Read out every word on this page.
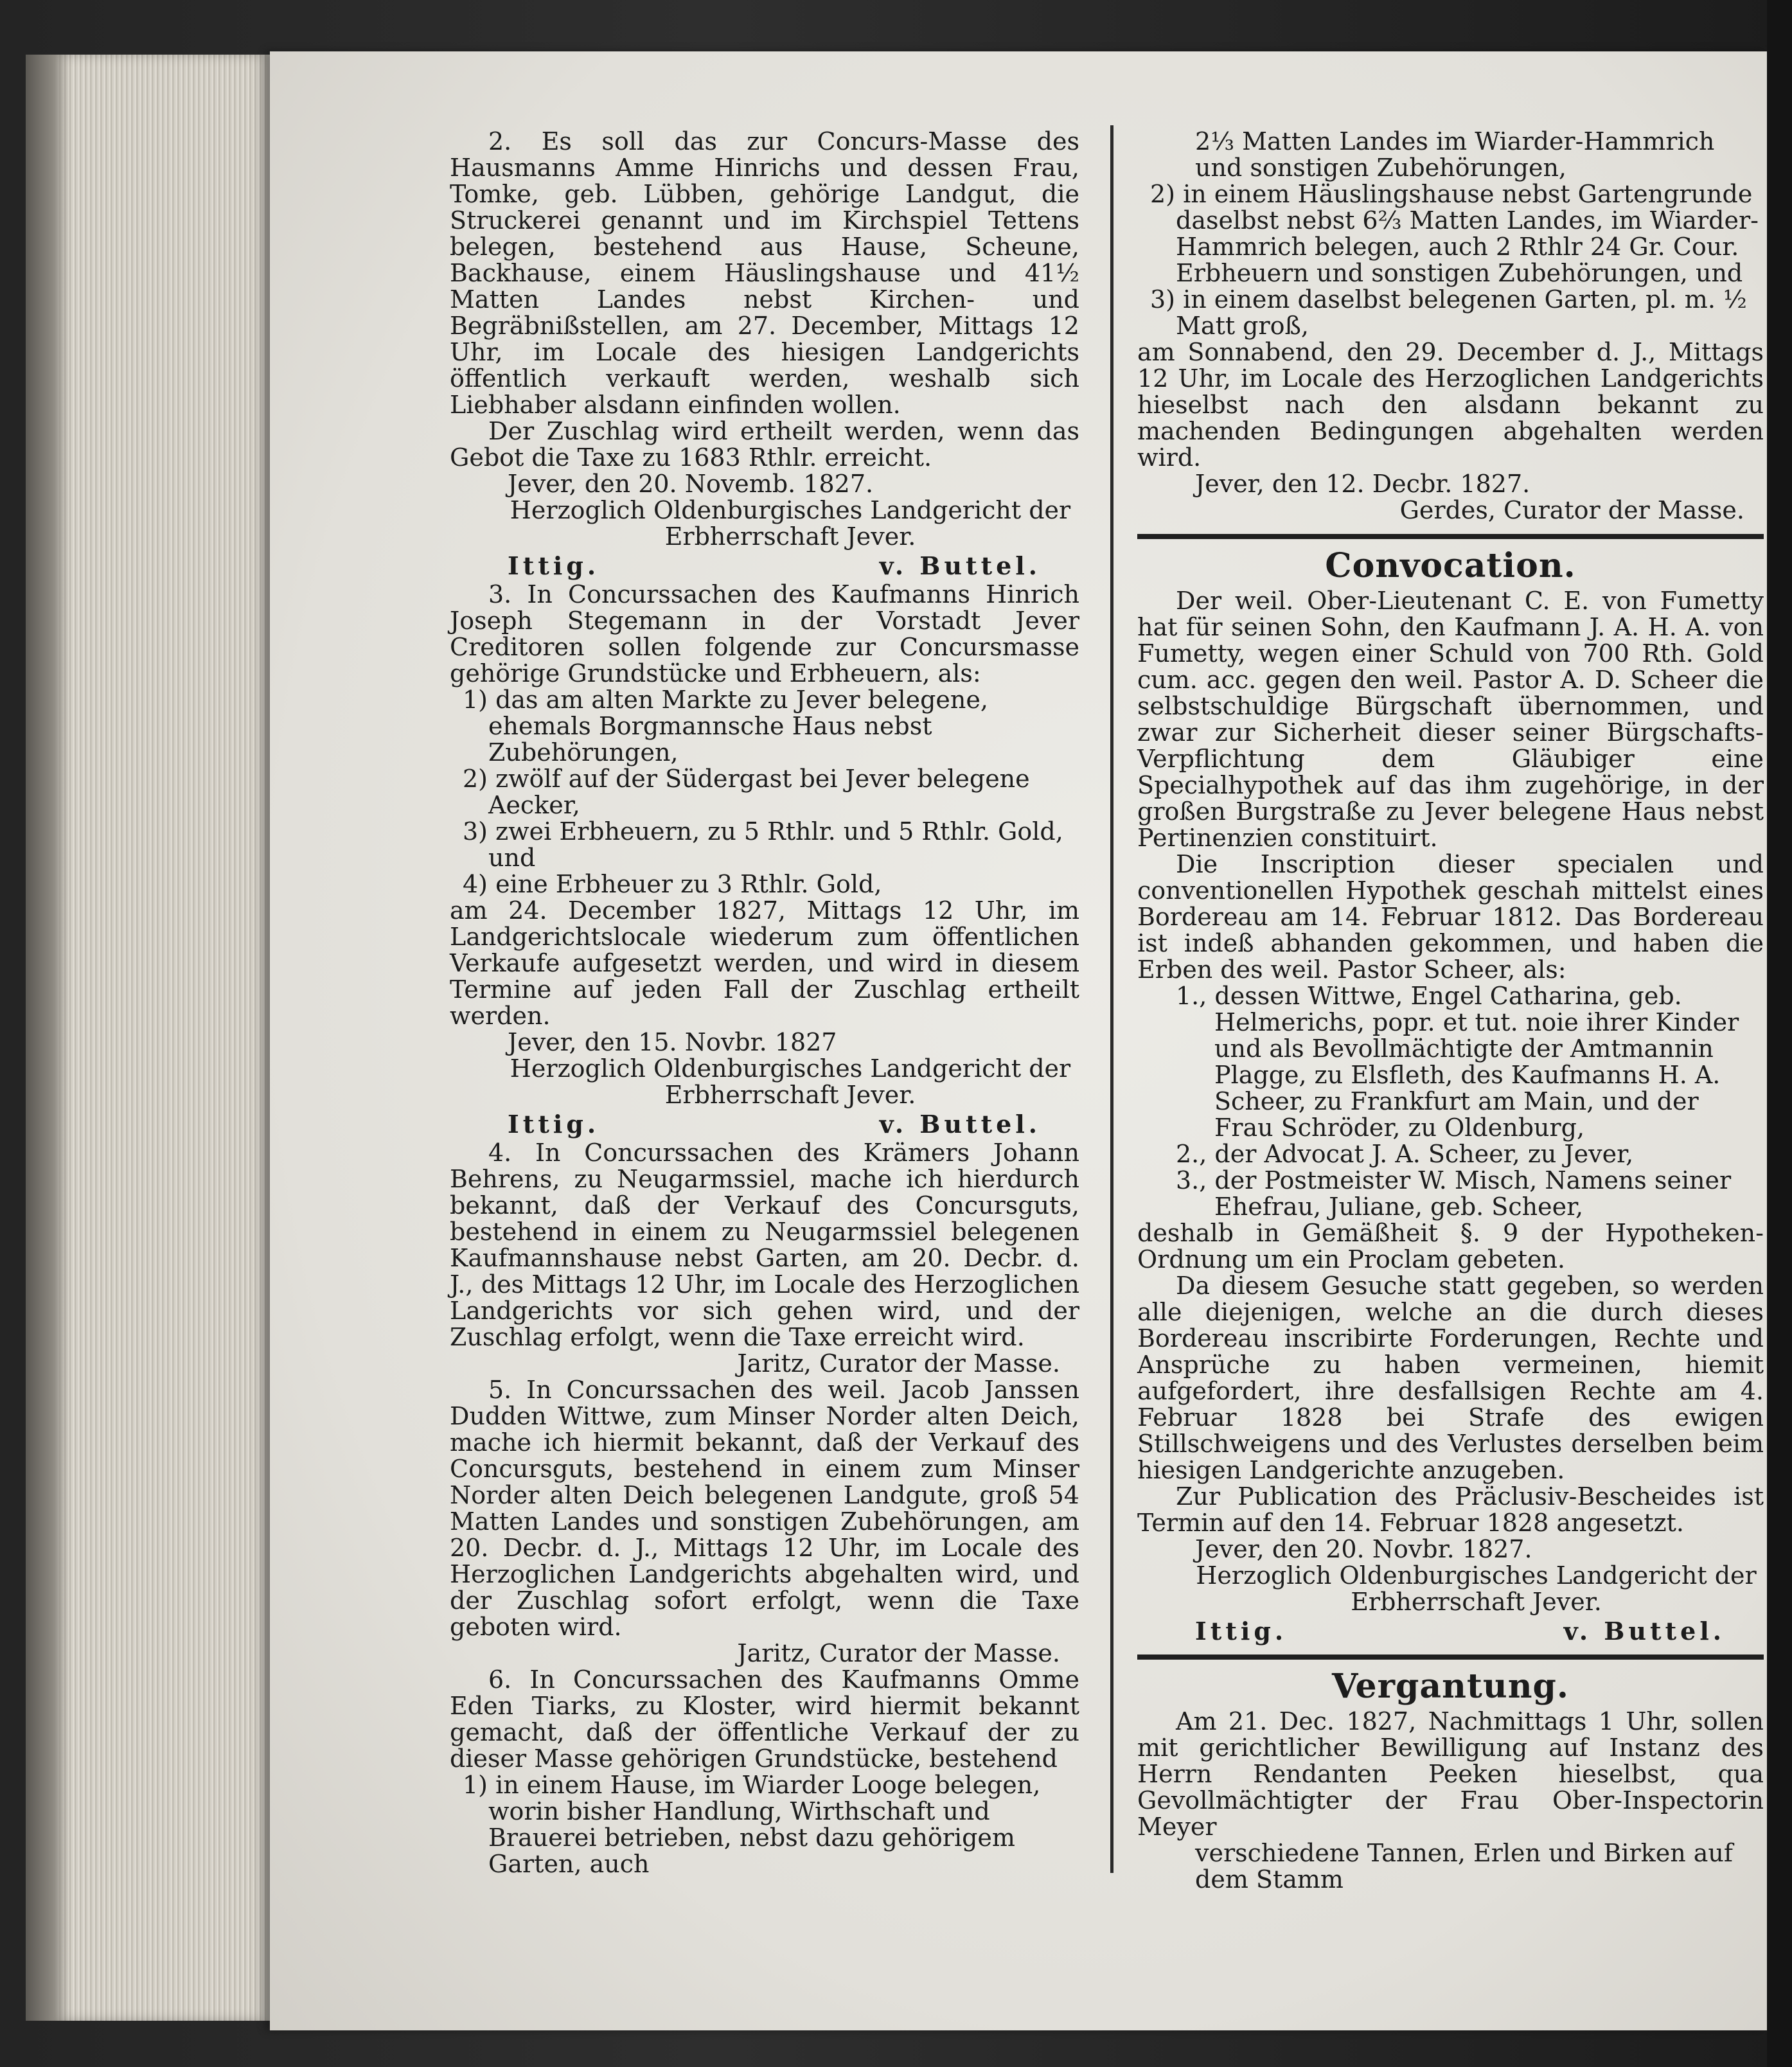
2. Es soll das zur Concurs-Masse des Hausmanns Amme Hinrichs und dessen Frau, Tomke, geb. Lübben, gehörige Landgut, die Struckerei genannt und im Kirchspiel Tettens belegen, bestehend aus Hause, Scheune, Backhause, einem Häuslingshause und 41½ Matten Landes nebst Kirchen- und Begräbnißstellen, am 27. December, Mittags 12 Uhr, im Locale des hiesigen Landgerichts öffentlich verkauft werden, weshalb sich Liebhaber alsdann einfinden wollen.

Der Zuschlag wird ertheilt werden, wenn das Gebot die Taxe zu 1683 Rthlr. erreicht.

Jever, den 20. Novemb. 1827.

Herzoglich Oldenburgisches Landgericht der Erbherrschaft Jever.

Ittig.	v. Buttel.

3. In Concurssachen des Kaufmanns Hinrich Joseph Stegemann in der Vorstadt Jever Creditoren sollen folgende zur Concursmasse gehörige Grundstücke und Erbheuern, als:

1) das am alten Markte zu Jever belegene, ehemals Borgmannsche Haus nebst Zubehörungen,

2) zwölf auf der Südergast bei Jever belegene Aecker,

3) zwei Erbheuern, zu 5 Rthlr. und 5 Rthlr. Gold, und

4) eine Erbheuer zu 3 Rthlr. Gold,

am 24. December 1827, Mittags 12 Uhr, im Landgerichtslocale wiederum zum öffentlichen Verkaufe aufgesetzt werden, und wird in diesem Termine auf jeden Fall der Zuschlag ertheilt werden.

Jever, den 15. Novbr. 1827

Herzoglich Oldenburgisches Landgericht der Erbherrschaft Jever.

Ittig.	v. Buttel.

4. In Concurssachen des Krämers Johann Behrens, zu Neugarmssiel, mache ich hierdurch bekannt, daß der Verkauf des Concursguts, bestehend in einem zu Neugarmssiel belegenen Kaufmannshause nebst Garten, am 20. Decbr. d. J., des Mittags 12 Uhr, im Locale des Herzoglichen Landgerichts vor sich gehen wird, und der Zuschlag erfolgt, wenn die Taxe erreicht wird.

Jaritz, Curator der Masse.

5. In Concurssachen des weil. Jacob Janssen Dudden Wittwe, zum Minser Norder alten Deich, mache ich hiermit bekannt, daß der Verkauf des Concursguts, bestehend in einem zum Minser Norder alten Deich belegenen Landgute, groß 54 Matten Landes und sonstigen Zubehörungen, am 20. Decbr. d. J., Mittags 12 Uhr, im Locale des Herzoglichen Landgerichts abgehalten wird, und der Zuschlag sofort erfolgt, wenn die Taxe geboten wird.

Jaritz, Curator der Masse.

6. In Concurssachen des Kaufmanns Omme Eden Tiarks, zu Kloster, wird hiermit bekannt gemacht, daß der öffentliche Verkauf der zu dieser Masse gehörigen Grundstücke, bestehend

1) in einem Hause, im Wiarder Looge belegen, worin bisher Handlung, Wirthschaft und Brauerei betrieben, nebst dazu gehörigem Garten, auch

2⅓ Matten Landes im Wiarder-Hammrich und sonstigen Zubehörungen,

2) in einem Häuslingshause nebst Gartengrunde daselbst nebst 6⅔ Matten Landes, im Wiarder-Hammrich belegen, auch 2 Rthlr 24 Gr. Cour. Erbheuern und sonstigen Zubehörungen, und

3) in einem daselbst belegenen Garten, pl. m. ½ Matt groß,

am Sonnabend, den 29. December d. J., Mittags 12 Uhr, im Locale des Herzoglichen Landgerichts hieselbst nach den alsdann bekannt zu machenden Bedingungen abgehalten werden wird.

Jever, den 12. Decbr. 1827.

Gerdes, Curator der Masse.

Convocation.

Der weil. Ober-Lieutenant C. E. von Fumetty hat für seinen Sohn, den Kaufmann J. A. H. A. von Fumetty, wegen einer Schuld von 700 Rth. Gold cum. acc. gegen den weil. Pastor A. D. Scheer die selbstschuldige Bürgschaft übernommen, und zwar zur Sicherheit dieser seiner Bürgschafts-Verpflichtung dem Gläubiger eine Specialhypothek auf das ihm zugehörige, in der großen Burgstraße zu Jever belegene Haus nebst Pertinenzien constituirt.

Die Inscription dieser specialen und conventionellen Hypothek geschah mittelst eines Bordereau am 14. Februar 1812. Das Bordereau ist indeß abhanden gekommen, und haben die Erben des weil. Pastor Scheer, als:

1., dessen Wittwe, Engel Catharina, geb. Helmerichs, popr. et tut. noie ihrer Kinder und als Bevollmächtigte der Amtmannin Plagge, zu Elsfleth, des Kaufmanns H. A. Scheer, zu Frankfurt am Main, und der Frau Schröder, zu Oldenburg,

2., der Advocat J. A. Scheer, zu Jever,

3., der Postmeister W. Misch, Namens seiner Ehefrau, Juliane, geb. Scheer,

deshalb in Gemäßheit §. 9 der Hypotheken-Ordnung um ein Proclam gebeten.

Da diesem Gesuche statt gegeben, so werden alle diejenigen, welche an die durch dieses Bordereau inscribirte Forderungen, Rechte und Ansprüche zu haben vermeinen, hiemit aufgefordert, ihre desfallsigen Rechte am 4. Februar 1828 bei Strafe des ewigen Stillschweigens und des Verlustes derselben beim hiesigen Landgerichte anzugeben.

Zur Publication des Präclusiv-Bescheides ist Termin auf den 14. Februar 1828 angesetzt.

Jever, den 20. Novbr. 1827.

Herzoglich Oldenburgisches Landgericht der Erbherrschaft Jever.

Ittig.	v. Buttel.
Vergantung.

Am 21. Dec. 1827, Nachmittags 1 Uhr, sollen mit gerichtlicher Bewilligung auf Instanz des Herrn Rendanten Peeken hieselbst, qua Gevollmächtigter der Frau Ober-Inspectorin Meyer

verschiedene Tannen, Erlen und Birken auf dem Stamm
